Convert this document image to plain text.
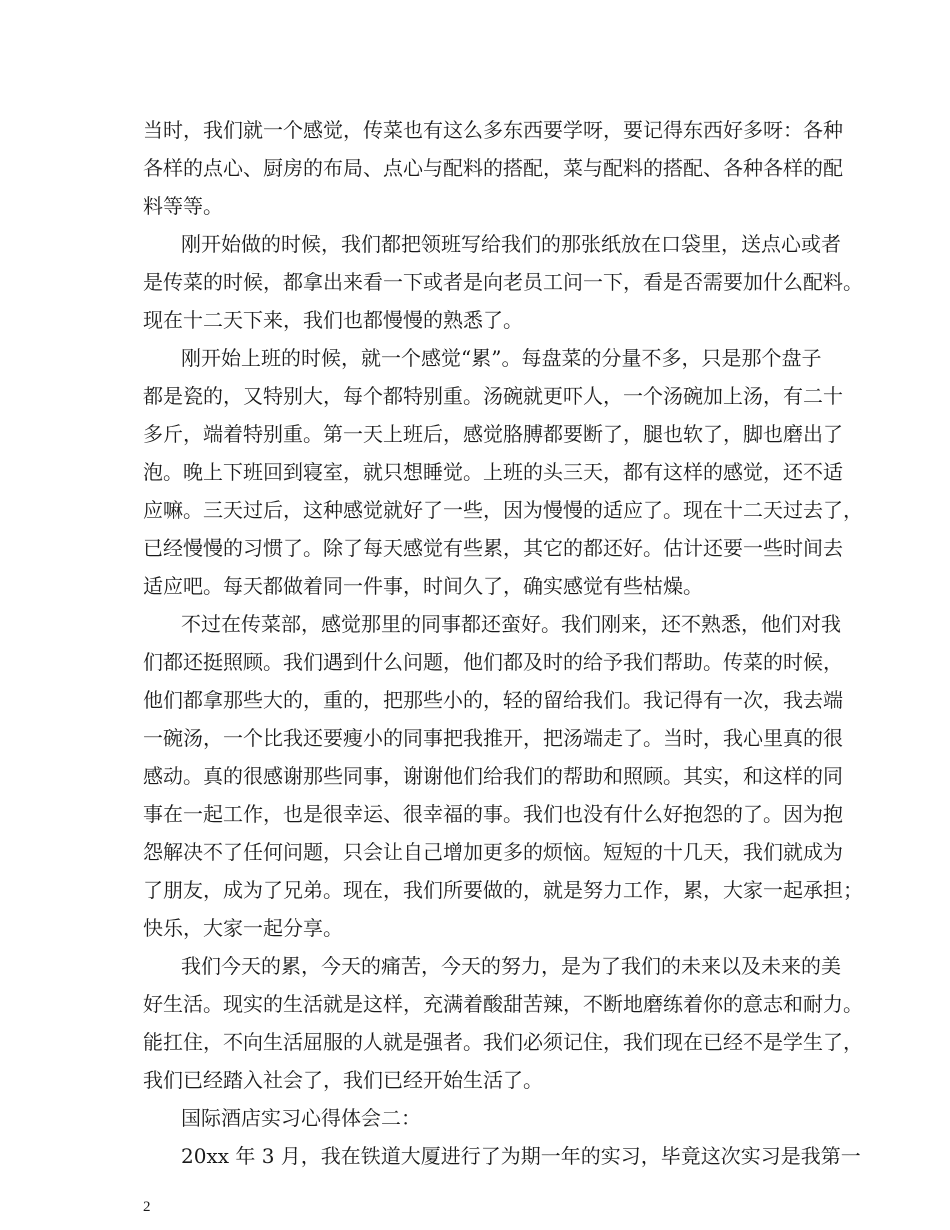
当时，我们就一个感觉，传菜也有这么多东西要学呀，要记得东西好多呀：各种
各样的点心、厨房的布局、点心与配料的搭配，菜与配料的搭配、各种各样的配
料等等。
刚开始做的时候，我们都把领班写给我们的那张纸放在口袋里，送点心或者
是传菜的时候，都拿出来看一下或者是向老员工问一下，看是否需要加什么配料。
现在十二天下来，我们也都慢慢的熟悉了。
刚开始上班的时候，就一个感觉“累”。每盘菜的分量不多，只是那个盘子
都是瓷的，又特别大，每个都特别重。汤碗就更吓人，一个汤碗加上汤，有二十
多斤，端着特别重。第一天上班后，感觉胳膊都要断了，腿也软了，脚也磨出了
泡。晚上下班回到寝室，就只想睡觉。上班的头三天，都有这样的感觉，还不适
应嘛。三天过后，这种感觉就好了一些，因为慢慢的适应了。现在十二天过去了，
已经慢慢的习惯了。除了每天感觉有些累，其它的都还好。估计还要一些时间去
适应吧。每天都做着同一件事，时间久了，确实感觉有些枯燥。
不过在传菜部，感觉那里的同事都还蛮好。我们刚来，还不熟悉，他们对我
们都还挺照顾。我们遇到什么问题，他们都及时的给予我们帮助。传菜的时候，
他们都拿那些大的，重的，把那些小的，轻的留给我们。我记得有一次，我去端
一碗汤，一个比我还要瘦小的同事把我推开，把汤端走了。当时，我心里真的很
感动。真的很感谢那些同事，谢谢他们给我们的帮助和照顾。其实，和这样的同
事在一起工作，也是很幸运、很幸福的事。我们也没有什么好抱怨的了。因为抱
怨解决不了任何问题，只会让自己增加更多的烦恼。短短的十几天，我们就成为
了朋友，成为了兄弟。现在，我们所要做的，就是努力工作，累，大家一起承担；
快乐，大家一起分享。
我们今天的累，今天的痛苦，今天的努力，是为了我们的未来以及未来的美
好生活。现实的生活就是这样，充满着酸甜苦辣，不断地磨练着你的意志和耐力。
能扛住，不向生活屈服的人就是强者。我们必须记住，我们现在已经不是学生了，
我们已经踏入社会了，我们已经开始生活了。
国际酒店实习心得体会二：
20xx 年 3 月，我在铁道大厦进行了为期一年的实习，毕竟这次实习是我第一
2
